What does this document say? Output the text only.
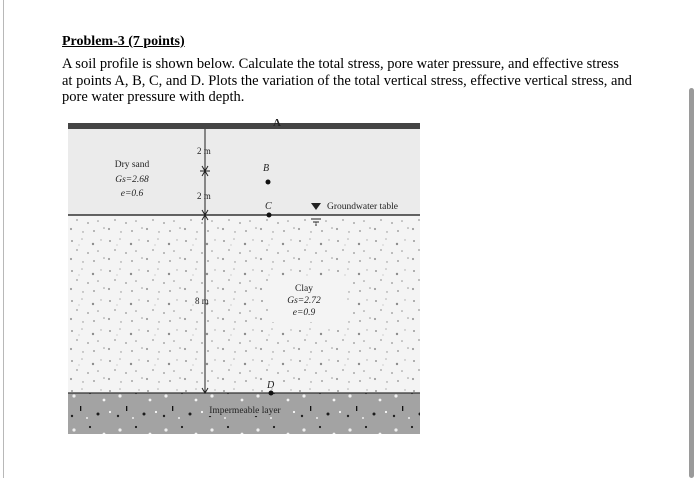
Problem-3 (7 points)
A soil profile is shown below. Calculate the total stress, pore water pressure, and effective stress at points A, B, C, and D. Plots the variation of the total vertical stress, effective vertical stress, and pore water pressure with depth.
A
B
C
D
2 m
2 m
8 m
Dry sand
Gs=2.68
e=0.6
Groundwater table
Clay
Gs=2.72
e=0.9
Impermeable layer
